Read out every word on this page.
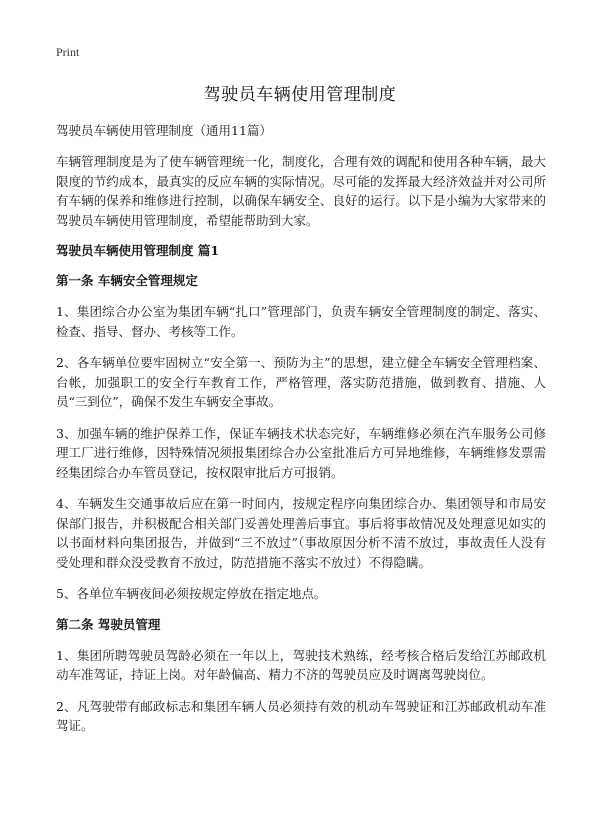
Print
驾驶员车辆使用管理制度
驾驶员车辆使用管理制度（通用11篇）

车辆管理制度是为了使车辆管理统一化，制度化，合理有效的调配和使用各种车辆，最大限度的节约成本，最真实的反应车辆的实际情况。尽可能的发挥最大经济效益并对公司所有车辆的保养和维修进行控制，以确保车辆安全、良好的运行。以下是小编为大家带来的驾驶员车辆使用管理制度，希望能帮助到大家。

驾驶员车辆使用管理制度 篇1
第一条 车辆安全管理规定

1、集团综合办公室为集团车辆“扎口”管理部门，负责车辆安全管理制度的制定、落实、检查、指导、督办、考核等工作。

2、各车辆单位要牢固树立“安全第一、预防为主”的思想，建立健全车辆安全管理档案、台帐，加强职工的安全行车教育工作，严格管理，落实防范措施，做到教育、措施、人员“三到位”，确保不发生车辆安全事故。

3、加强车辆的维护保养工作，保证车辆技术状态完好，车辆维修必须在汽车服务公司修理工厂进行维修，因特殊情况须报集团综合办公室批准后方可异地维修，车辆维修发票需经集团综合办车管员登记，按权限审批后方可报销。

4、车辆发生交通事故后应在第一时间内，按规定程序向集团综合办、集团领导和市局安保部门报告，并积极配合相关部门妥善处理善后事宜。事后将事故情况及处理意见如实的以书面材料向集团报告，并做到“三不放过”（事故原因分析不清不放过，事故责任人没有受处理和群众没受教育不放过，防范措施不落实不放过）不得隐瞒。

5、各单位车辆夜间必须按规定停放在指定地点。

第二条 驾驶员管理

1、集团所聘驾驶员驾龄必须在一年以上，驾驶技术熟练，经考核合格后发给江苏邮政机动车准驾证，持证上岗。对年龄偏高、精力不济的驾驶员应及时调离驾驶岗位。

2、凡驾驶带有邮政标志和集团车辆人员必须持有效的机动车驾驶证和江苏邮政机动车准驾证。
